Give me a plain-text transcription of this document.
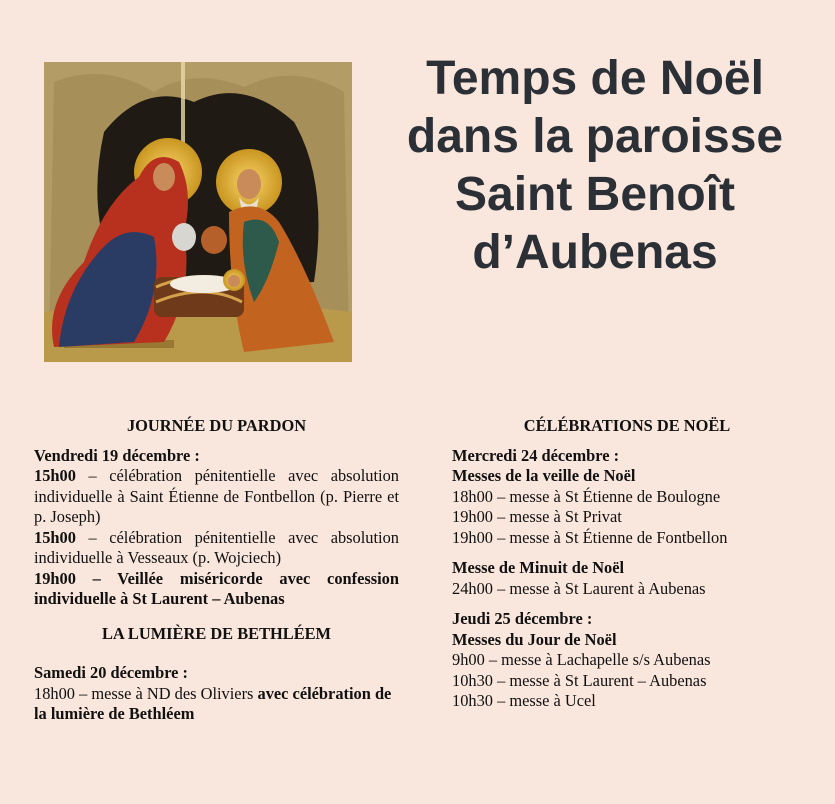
Temps de Noël
dans la paroisse
Saint Benoît
d’Aubenas
JOURNÉE DU PARDON

Vendredi 19 décembre :

15h00 – célébration pénitentielle avec absolution individuelle à Saint Étienne de Fontbellon (p. Pierre et p. Joseph)

15h00 – célébration pénitentielle avec absolution individuelle à Vesseaux (p. Wojciech)

19h00 – Veillée miséricorde avec confession individuelle à St Laurent – Aubenas

LA LUMIÈRE DE BETHLÉEM

Samedi 20 décembre :

18h00 – messe à ND des Oliviers avec célébration de la lumière de Bethléem

CÉLÉBRATIONS DE NOËL

Mercredi 24 décembre :

Messes de la veille de Noël

18h00 – messe à St Étienne de Boulogne

19h00 – messe à St Privat

19h00 – messe à St Étienne de Fontbellon

Messe de Minuit de Noël

24h00 – messe à St Laurent à Aubenas

Jeudi 25 décembre :

Messes du Jour de Noël

9h00 – messe à Lachapelle s/s Aubenas

10h30 – messe à St Laurent – Aubenas

10h30 – messe à Ucel
